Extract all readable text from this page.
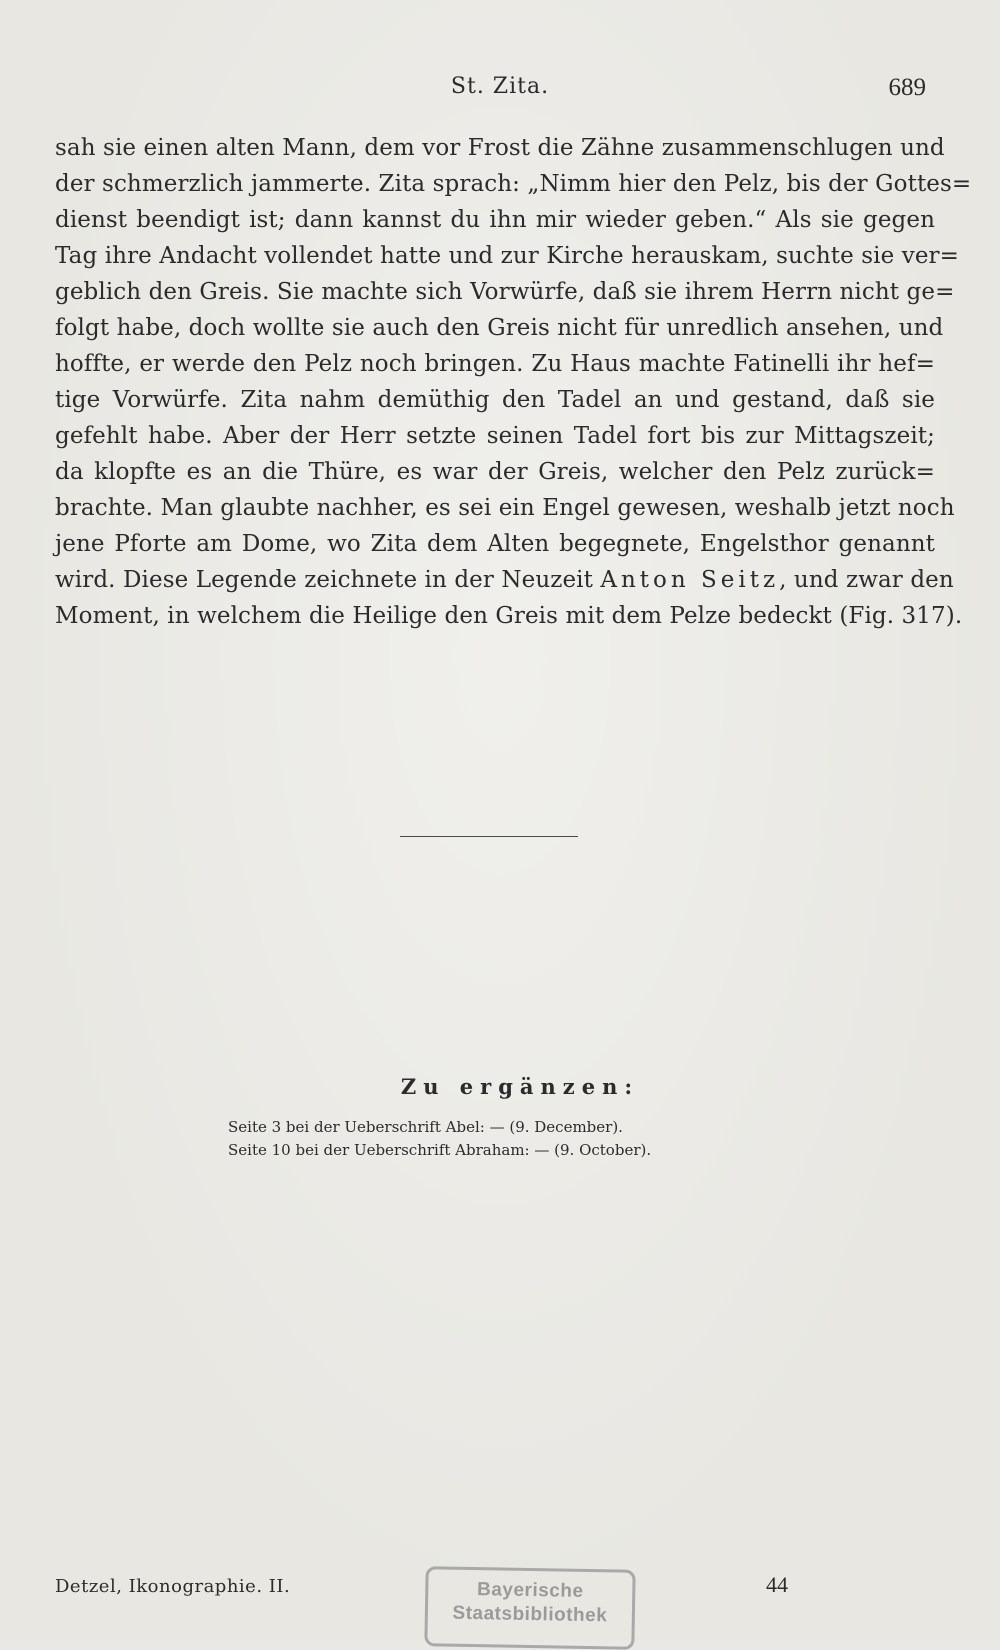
St. Zita.	689
sah sie einen alten Mann, dem vor Frost die Zähne zusammenschlugen und
der schmerzlich jammerte. Zita sprach: „Nimm hier den Pelz, bis der Gottes=
dienst beendigt ist; dann kannst du ihn mir wieder geben.“ Als sie gegen
Tag ihre Andacht vollendet hatte und zur Kirche herauskam, suchte sie ver=
geblich den Greis. Sie machte sich Vorwürfe, daß sie ihrem Herrn nicht ge=
folgt habe, doch wollte sie auch den Greis nicht für unredlich ansehen, und
hoffte, er werde den Pelz noch bringen. Zu Haus machte Fatinelli ihr hef=
tige Vorwürfe. Zita nahm demüthig den Tadel an und gestand, daß sie
gefehlt habe. Aber der Herr setzte seinen Tadel fort bis zur Mittagszeit;
da klopfte es an die Thüre, es war der Greis, welcher den Pelz zurück=
brachte. Man glaubte nachher, es sei ein Engel gewesen, weshalb jetzt noch
jene Pforte am Dome, wo Zita dem Alten begegnete, Engelsthor genannt
wird. Diese Legende zeichnete in der Neuzeit Anton Seitz, und zwar den
Moment, in welchem die Heilige den Greis mit dem Pelze bedeckt (Fig. 317).
Zu ergänzen:
Seite 3 bei der Ueberschrift Abel: — (9. December).
Seite 10 bei der Ueberschrift Abraham: — (9. October).
Detzel, Ikonographie. II.	44
Bayerische
Staatsbibliothek
